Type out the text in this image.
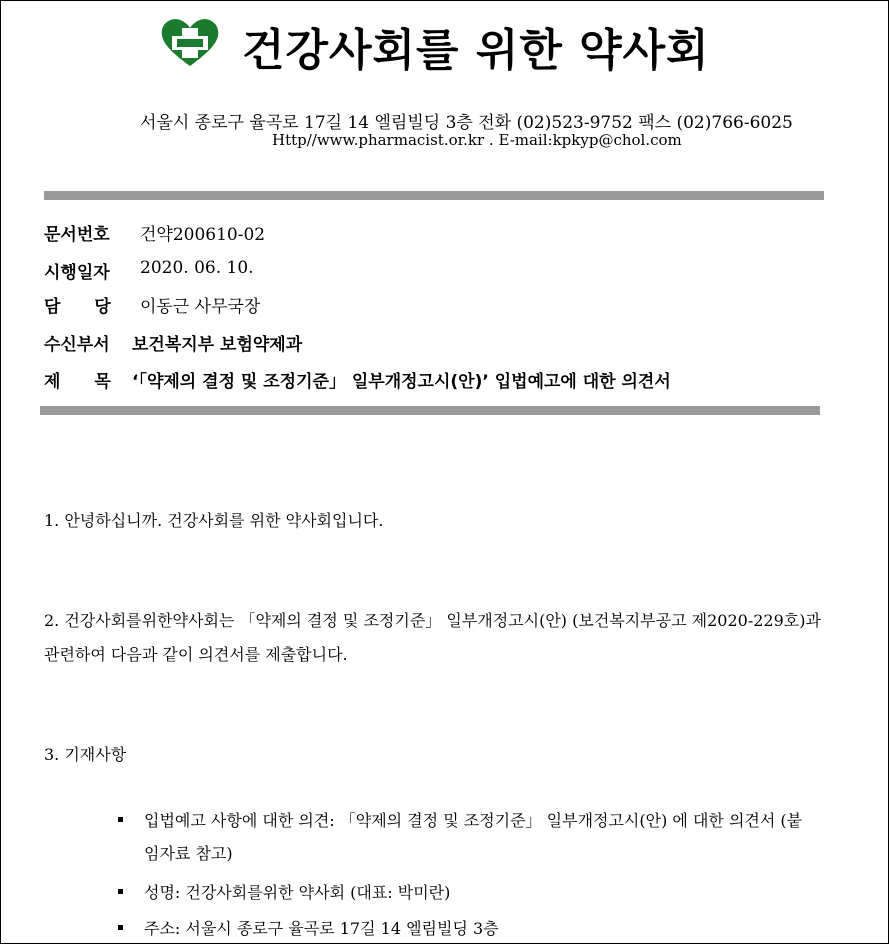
건강사회를 위한 약사회
서울시 종로구 율곡로 17길 14 엘림빌딩 3층 전화 (02)523-9752 팩스 (02)766-6025
Http//www.pharmacist.or.kr . E-mail:kpkyp@chol.com
문서번호 건약200610-02
시행일자 2020. 06. 10.
담당
이동근 사무국장
수신부서 보건복지부 보험약제과
제목
‘「약제의 결정 및 조정기준」 일부개정고시(안)’ 입법예고에 대한 의견서
1. 안녕하십니까. 건강사회를 위한 약사회입니다.
2. 건강사회를위한약사회는 「약제의 결정 및 조정기준」 일부개정고시(안) (보건복지부공고 제2020-229호)과
관련하여 다음과 같이 의견서를 제출합니다.
3. 기재사항
입법예고 사항에 대한 의견: 「약제의 결정 및 조정기준」 일부개정고시(안) 에 대한 의견서 (붙
임자료 참고)
성명: 건강사회를위한 약사회 (대표: 박미란)
주소: 서울시 종로구 율곡로 17길 14 엘림빌딩 3층
